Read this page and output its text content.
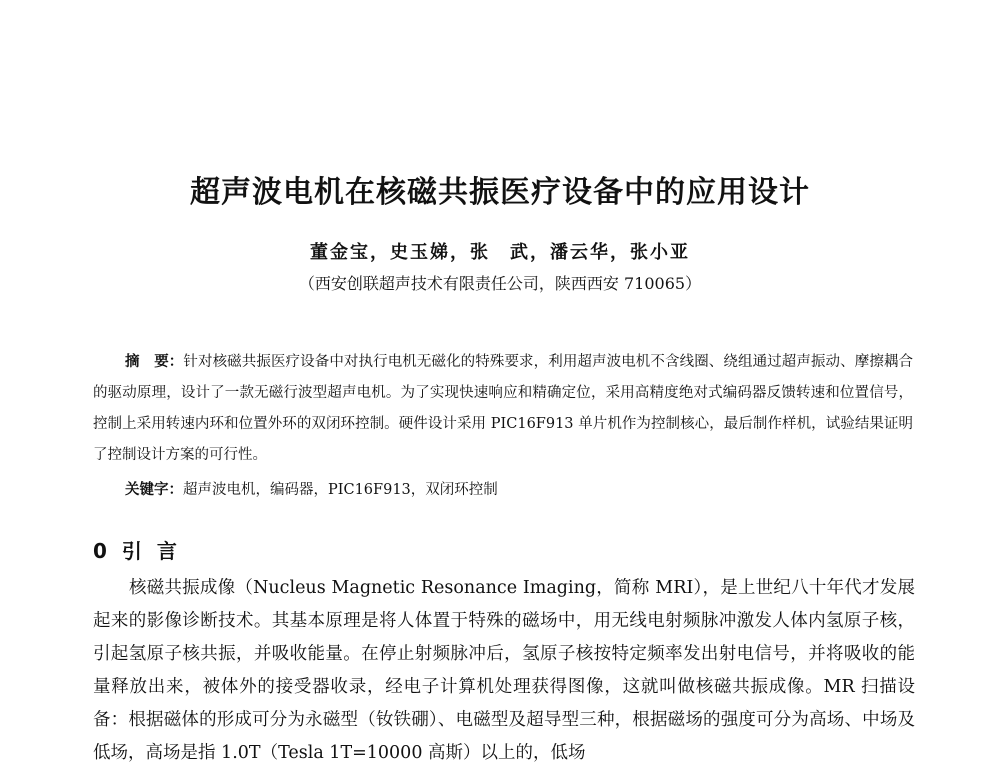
超声波电机在核磁共振医疗设备中的应用设计
董金宝，史玉娣，张　武，潘云华，张小亚
（西安创联超声技术有限责任公司，陕西西安 710065）
摘　要：针对核磁共振医疗设备中对执行电机无磁化的特殊要求，利用超声波电机不含线圈、绕组通过超声振动、摩擦耦合的驱动原理，设计了一款无磁行波型超声电机。为了实现快速响应和精确定位，采用高精度绝对式编码器反馈转速和位置信号，控制上采用转速内环和位置外环的双闭环控制。硬件设计采用 PIC16F913 单片机作为控制核心，最后制作样机，试验结果证明了控制设计方案的可行性。
关键字：超声波电机，编码器，PIC16F913，双闭环控制
0 引 言
核磁共振成像（Nucleus Magnetic Resonance Imaging，简称 MRI），是上世纪八十年代才发展起来的影像诊断技术。其基本原理是将人体置于特殊的磁场中，用无线电射频脉冲激发人体内氢原子核，引起氢原子核共振，并吸收能量。在停止射频脉冲后，氢原子核按特定频率发出射电信号，并将吸收的能量释放出来，被体外的接受器收录，经电子计算机处理获得图像，这就叫做核磁共振成像。MR 扫描设备：根据磁体的形成可分为永磁型（钕铁硼）、电磁型及超导型三种，根据磁场的强度可分为高场、中场及低场，高场是指 1.0T（Tesla 1T=10000 高斯）以上的，低场
